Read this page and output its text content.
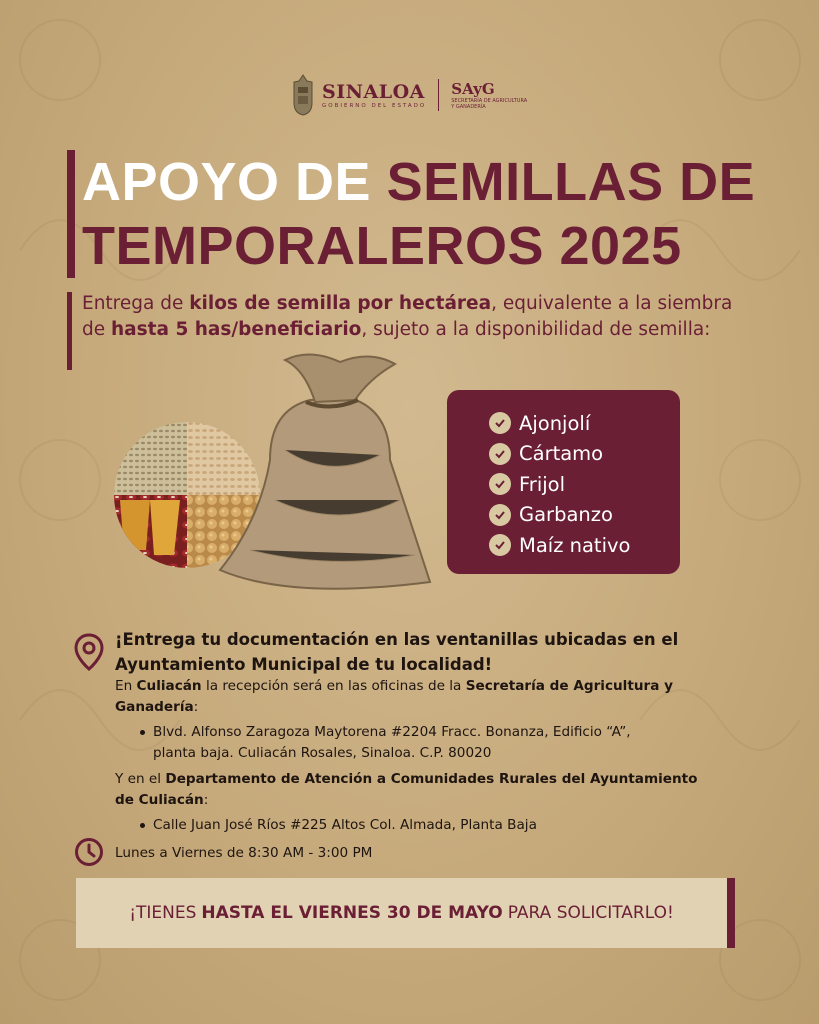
SINALOA
GOBIERNO DEL ESTADO
SAyG
SECRETARÍA DE AGRICULTURA
Y GANADERÍA
APOYO DE SEMILLAS DE
TEMPORALEROS 2025

Entrega de kilos de semilla por hectárea, equivalente a la siembra de hasta 5 has/beneficiario, sujeto a la disponibilidad de semilla:

Ajonjolí
Cártamo
Frijol
Garbanzo
Maíz nativo
¡Entrega tu documentación en las ventanillas ubicadas en el
Ayuntamiento Municipal de tu localidad!
En Culiacán la recepción será en las oficinas de la Secretaría de Agricultura y
Ganadería:
Blvd. Alfonso Zaragoza Maytorena #2204 Fracc. Bonanza, Edificio “A”,
planta baja. Culiacán Rosales, Sinaloa. C.P. 80020
Y en el Departamento de Atención a Comunidades Rurales del Ayuntamiento
de Culiacán:
Calle Juan José Ríos #225 Altos Col. Almada, Planta Baja
Lunes a Viernes de 8:30 AM - 3:00 PM
¡TIENES HASTA EL VIERNES 30 DE MAYO PARA SOLICITARLO!
